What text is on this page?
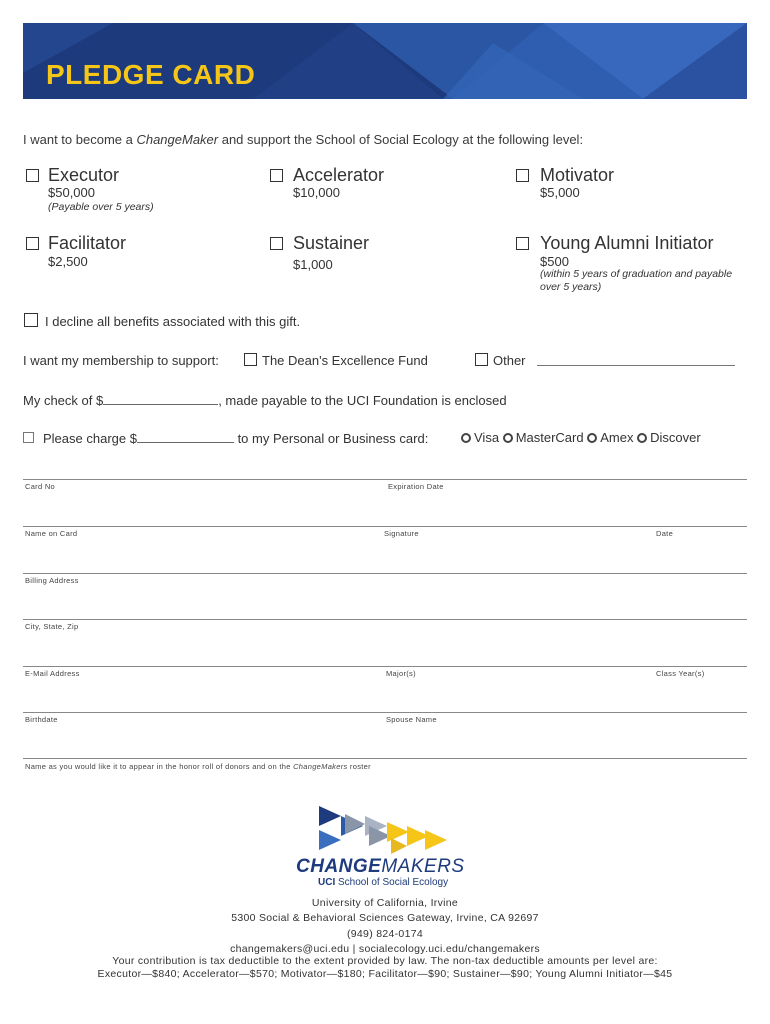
PLEDGE CARD
I want to become a ChangeMaker and support the School of Social Ecology at the following level:
Executor
$50,000
(Payable over 5 years)
Accelerator
$10,000
Motivator
$5,000
Facilitator
$2,500
Sustainer
$1,000
Young Alumni Initiator
$500
(within 5 years of graduation and payable over 5 years)
I decline all benefits associated with this gift.
I want my membership to support:	The Dean's Excellence Fund	Other
My check of $	, made payable to the UCI Foundation is enclosed
Please charge $	to my Personal or Business card:	Visa MasterCard Amex Discover
Card No	Expiration Date
Name on Card	Signature	Date
Billing Address
City, State, Zip
E-Mail Address	Major(s)	Class Year(s)
Birthdate	Spouse Name
Name as you would like it to appear in the honor roll of donors and on the ChangeMakers roster
CHANGEMAKERS
UCI School of Social Ecology
University of California, Irvine
5300 Social & Behavioral Sciences Gateway, Irvine, CA 92697
(949) 824-0174
changemakers@uci.edu | socialecology.uci.edu/changemakers
Your contribution is tax deductible to the extent provided by law. The non-tax deductible amounts per level are:
Executor—$840; Accelerator—$570; Motivator—$180; Facilitator—$90; Sustainer—$90; Young Alumni Initiator—$45
